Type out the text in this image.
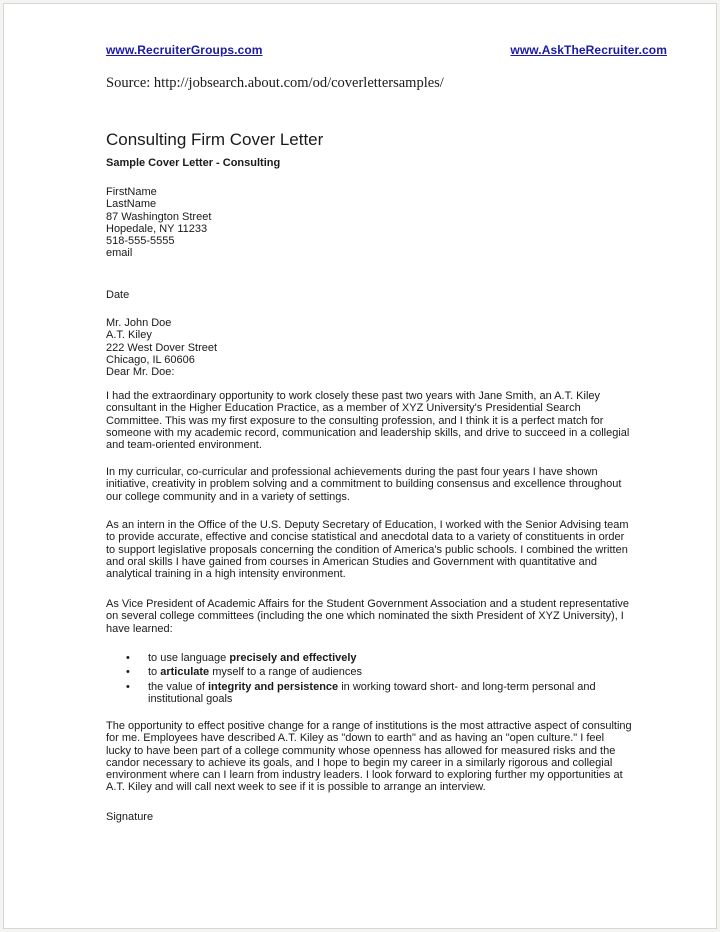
www.RecruiterGroups.com	www.AskTheRecruiter.com
Source: http://jobsearch.about.com/od/coverlettersamples/
Consulting Firm Cover Letter
Sample Cover Letter - Consulting
FirstName
LastName
87 Washington Street
Hopedale, NY 11233
518-555-5555
email
Date
Mr. John Doe
A.T. Kiley
222 West Dover Street
Chicago, IL 60606
Dear Mr. Doe:
I had the extraordinary opportunity to work closely these past two years with Jane Smith, an A.T. Kiley
consultant in the Higher Education Practice, as a member of XYZ University's Presidential Search
Committee. This was my first exposure to the consulting profession, and I think it is a perfect match for
someone with my academic record, communication and leadership skills, and drive to succeed in a collegial
and team-oriented environment.
In my curricular, co-curricular and professional achievements during the past four years I have shown
initiative, creativity in problem solving and a commitment to building consensus and excellence throughout
our college community and in a variety of settings.
As an intern in the Office of the U.S. Deputy Secretary of Education, I worked with the Senior Advising team
to provide accurate, effective and concise statistical and anecdotal data to a variety of constituents in order
to support legislative proposals concerning the condition of America's public schools. I combined the written
and oral skills I have gained from courses in American Studies and Government with quantitative and
analytical training in a high intensity environment.
As Vice President of Academic Affairs for the Student Government Association and a student representative
on several college committees (including the one which nominated the sixth President of XYZ University), I
have learned:
• to use language precisely and effectively
• to articulate myself to a range of audiences
• the value of integrity and persistence in working toward short- and long-term personal and
institutional goals
The opportunity to effect positive change for a range of institutions is the most attractive aspect of consulting
for me. Employees have described A.T. Kiley as "down to earth" and as having an "open culture." I feel
lucky to have been part of a college community whose openness has allowed for measured risks and the
candor necessary to achieve its goals, and I hope to begin my career in a similarly rigorous and collegial
environment where can I learn from industry leaders. I look forward to exploring further my opportunities at
A.T. Kiley and will call next week to see if it is possible to arrange an interview.
Signature
